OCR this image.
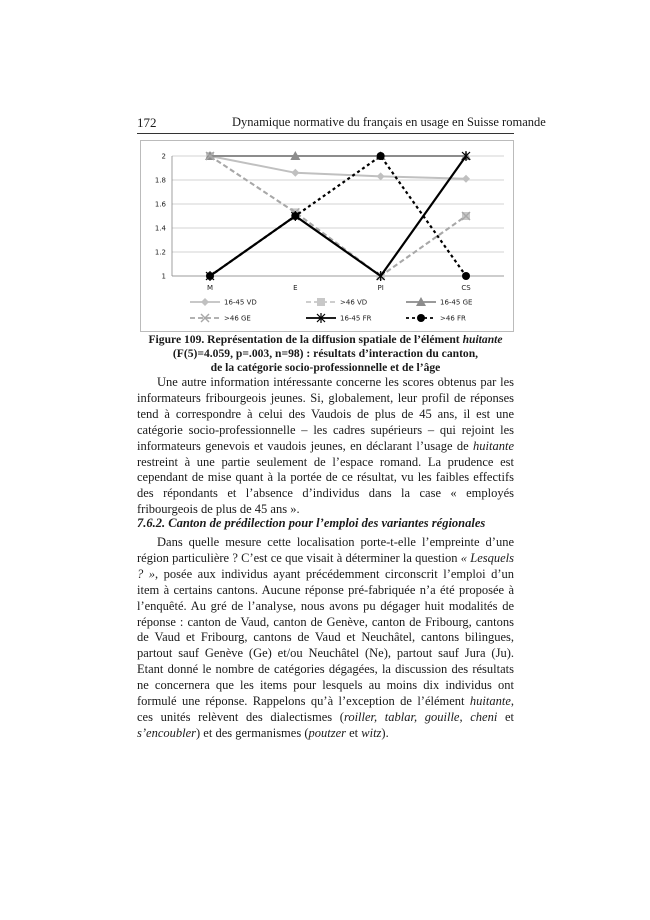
172	Dynamique normative du français en usage en Suisse romande
1
1.2
1.4
1.6
1.8
2
M	E	PI	CS
16-45 VD	>46 VD	16-45 GE
>46 GE	16-45 FR	>46 FR

Figure 109. Représentation de la diffusion spatiale de l’élément huitante

(F(5)=4.059, p=.003, n=98) : résultats d’interaction du canton,

de la catégorie socio-professionnelle et de l’âge

Une autre information intéressante concerne les scores obtenus par les informateurs fribourgeois jeunes. Si, globalement, leur profil de réponses tend à correspondre à celui des Vaudois de plus de 45 ans, il est une catégorie socio-professionnelle – les cadres supérieurs – qui rejoint les informateurs genevois et vaudois jeunes, en déclarant l’usage de huitante restreint à une partie seulement de l’espace romand. La prudence est cependant de mise quant à la portée de ce résultat, vu les faibles effectifs des répondants et l’absence d’individus dans la case « employés fribourgeois de plus de 45 ans ».

7.6.2. Canton de prédilection pour l’emploi des variantes régionales

Dans quelle mesure cette localisation porte-t-elle l’empreinte d’une région particulière ? C’est ce que visait à déterminer la question « Lesquels ? », posée aux individus ayant précédemment circonscrit l’emploi d’un item à certains cantons. Aucune réponse pré-fabriquée n’a été proposée à l’enquêté. Au gré de l’analyse, nous avons pu dégager huit modalités de réponse : canton de Vaud, canton de Genève, canton de Fribourg, cantons de Vaud et Fribourg, cantons de Vaud et Neuchâtel, cantons bilingues, partout sauf Genève (Ge) et/ou Neuchâtel (Ne), partout sauf Jura (Ju). Etant donné le nombre de catégories dégagées, la discussion des résultats ne concernera que les items pour lesquels au moins dix individus ont formulé une réponse. Rappelons qu’à l’exception de l’élément huitante, ces unités relèvent des dialectismes (roiller, tablar, gouille, cheni et s’encoubler) et des germanismes (poutzer et witz).
